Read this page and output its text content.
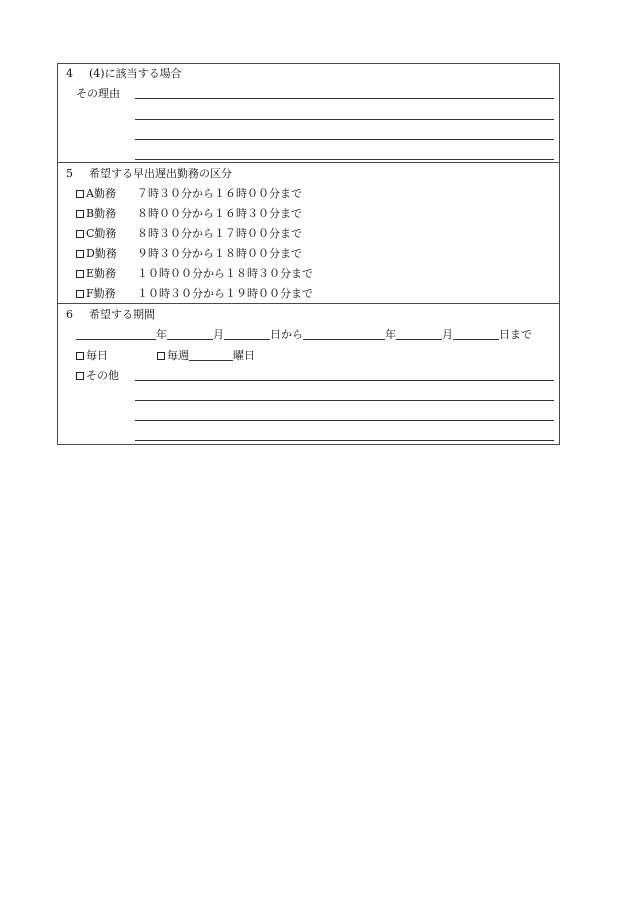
4 (4)に該当する場合
その理由
5 希望する早出遅出勤務の区分
A勤務 ７時３０分から１６時００分まで
B勤務 ８時００分から１６時３０分まで
C勤務 ８時３０分から１７時００分まで
D勤務 ９時３０分から１８時００分まで
E勤務 １０時００分から１８時３０分まで
F勤務 １０時３０分から１９時００分まで
6 希望する期間
年	月	日から	年	月	日まで
毎日	毎週	曜日
その他
